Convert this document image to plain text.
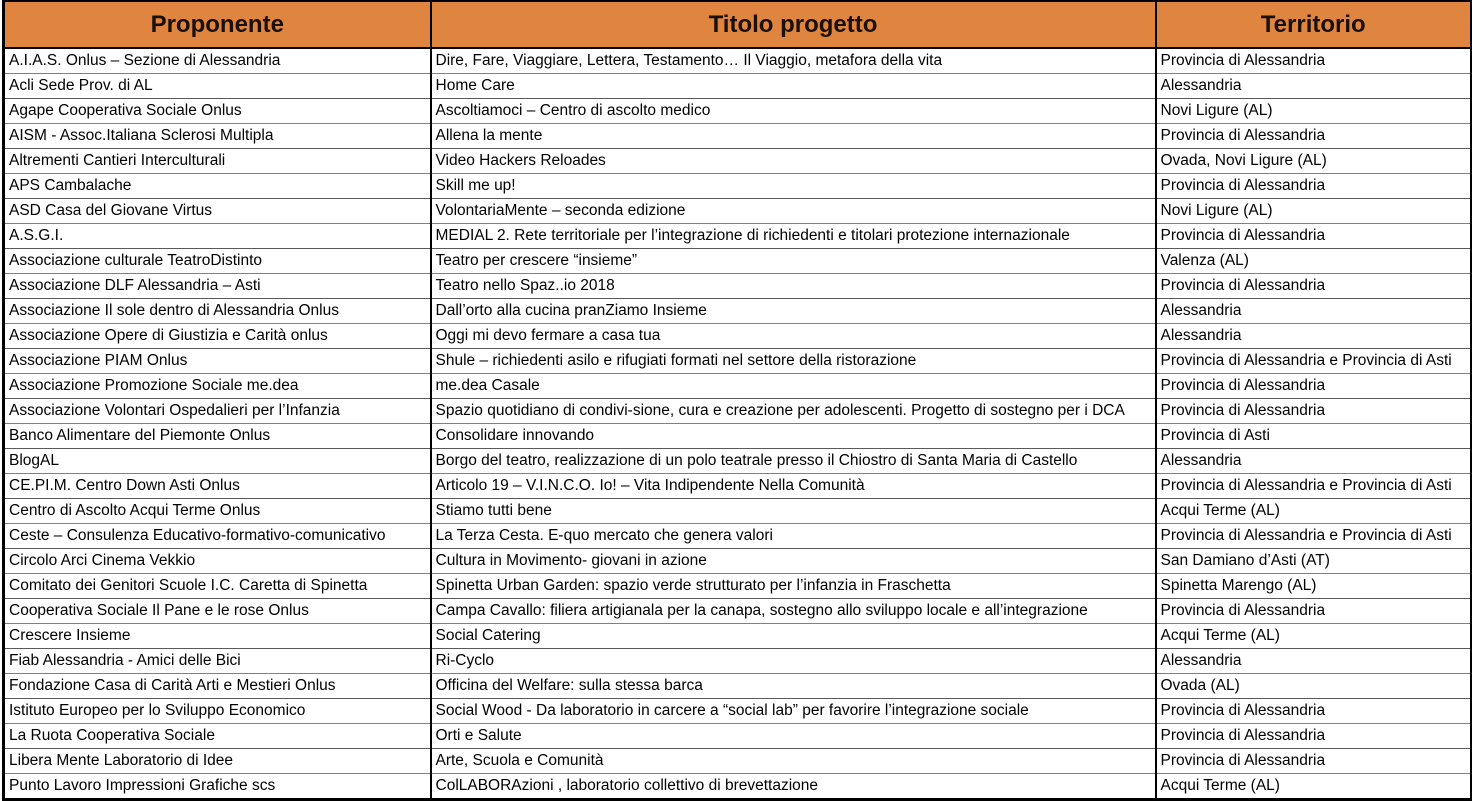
Proponente	Titolo progetto	Territorio
A.I.A.S. Onlus – Sezione di Alessandria	Dire, Fare, Viaggiare, Lettera, Testamento… Il Viaggio, metafora della vita	Provincia di Alessandria
Acli Sede Prov. di AL	Home Care	Alessandria
Agape Cooperativa Sociale Onlus	Ascoltiamoci – Centro di ascolto medico	Novi Ligure (AL)
AISM - Assoc.Italiana Sclerosi Multipla	Allena la mente	Provincia di Alessandria
Altrementi Cantieri Interculturali	Video Hackers Reloades	Ovada, Novi Ligure (AL)
APS Cambalache	Skill me up!	Provincia di Alessandria
ASD Casa del Giovane Virtus	VolontariaMente – seconda edizione	Novi Ligure (AL)
A.S.G.I.	MEDIAL 2. Rete territoriale per l’integrazione di richiedenti e titolari protezione internazionale	Provincia di Alessandria
Associazione culturale TeatroDistinto	Teatro per crescere “insieme”	Valenza (AL)
Associazione DLF Alessandria – Asti	Teatro nello Spaz..io 2018	Provincia di Alessandria
Associazione Il sole dentro di Alessandria Onlus	Dall’orto alla cucina pranZiamo Insieme	Alessandria
Associazione Opere di Giustizia e Carità onlus	Oggi mi devo fermare a casa tua	Alessandria
Associazione PIAM Onlus	Shule – richiedenti asilo e rifugiati formati nel settore della ristorazione	Provincia di Alessandria e Provincia di Asti
Associazione Promozione Sociale me.dea	me.dea Casale	Provincia di Alessandria
Associazione Volontari Ospedalieri per l’Infanzia	Spazio quotidiano di condivi-sione, cura e creazione per adolescenti. Progetto di sostegno per i DCA	Provincia di Alessandria
Banco Alimentare del Piemonte Onlus	Consolidare innovando	Provincia di Asti
BlogAL	Borgo del teatro, realizzazione di un polo teatrale presso il Chiostro di Santa Maria di Castello	Alessandria
CE.PI.M. Centro Down Asti Onlus	Articolo 19 – V.I.N.C.O. Io! – Vita Indipendente Nella Comunità	Provincia di Alessandria e Provincia di Asti
Centro di Ascolto Acqui Terme Onlus	Stiamo tutti bene	Acqui Terme (AL)
Ceste – Consulenza Educativo-formativo-comunicativo	La Terza Cesta. E-quo mercato che genera valori	Provincia di Alessandria e Provincia di Asti
Circolo Arci Cinema Vekkio	Cultura in Movimento- giovani in azione	San Damiano d’Asti (AT)
Comitato dei Genitori Scuole I.C. Caretta di Spinetta	Spinetta Urban Garden: spazio verde strutturato per l’infanzia in Fraschetta	Spinetta Marengo (AL)
Cooperativa Sociale Il Pane e le rose Onlus	Campa Cavallo: filiera artigianala per la canapa, sostegno allo sviluppo locale e all’integrazione	Provincia di Alessandria
Crescere Insieme	Social Catering	Acqui Terme (AL)
Fiab Alessandria - Amici delle Bici	Ri-Cyclo	Alessandria
Fondazione Casa di Carità Arti e Mestieri Onlus	Officina del Welfare: sulla stessa barca	Ovada (AL)
Istituto Europeo per lo Sviluppo Economico	Social Wood - Da laboratorio in carcere a “social lab” per favorire l’integrazione sociale	Provincia di Alessandria
La Ruota Cooperativa Sociale	Orti e Salute	Provincia di Alessandria
Libera Mente Laboratorio di Idee	Arte, Scuola e Comunità	Provincia di Alessandria
Punto Lavoro Impressioni Grafiche scs	ColLABORAzioni , laboratorio collettivo di brevettazione	Acqui Terme (AL)
